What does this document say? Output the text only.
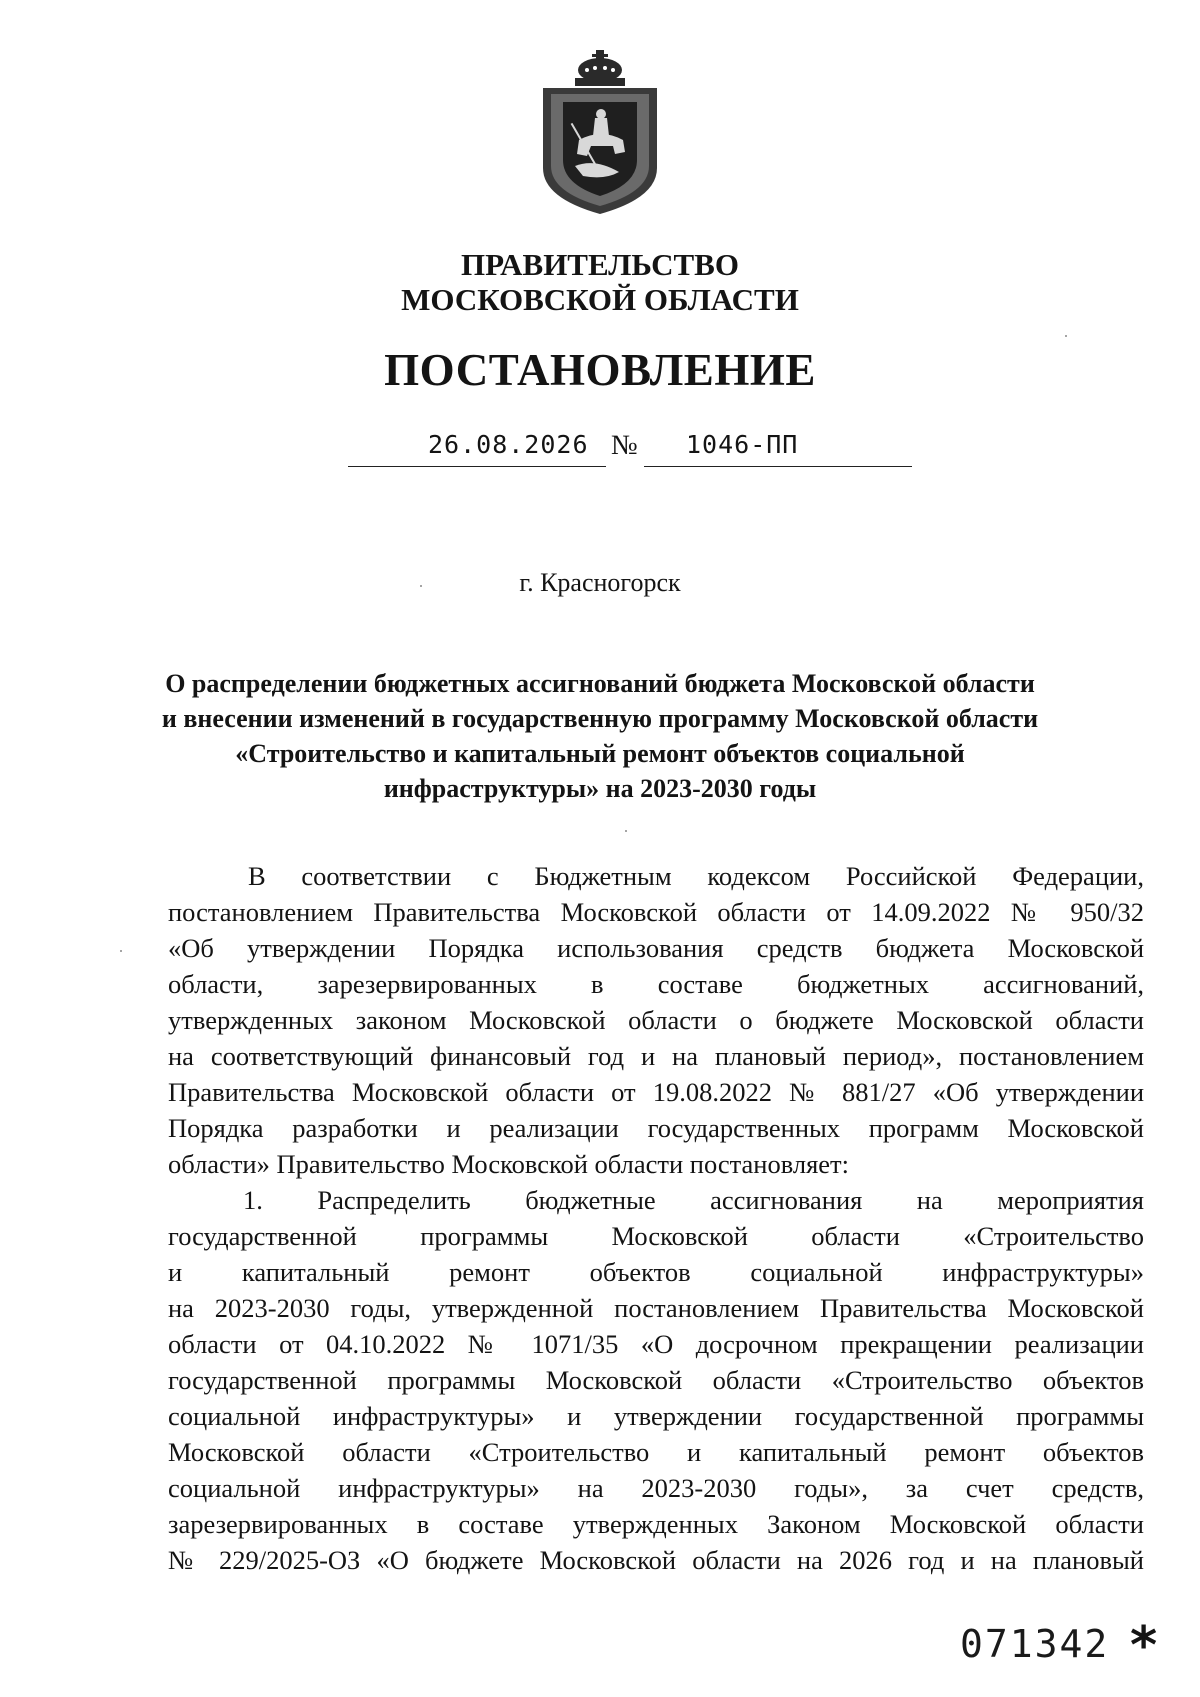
ПРАВИТЕЛЬСТВО
МОСКОВСКОЙ ОБЛАСТИ
ПОСТАНОВЛЕНИЕ
26.08.2026 № 1046-ПП
г. Красногорск
О распределении бюджетных ассигнований бюджета Московской области
и внесении изменений в государственную программу Московской области
«Строительство и капитальный ремонт объектов социальной
инфраструктуры» на 2023-2030 годы
В соответствии с Бюджетным кодексом Российской Федерации,
постановлением Правительства Московской области от 14.09.2022 № 950/32
«Об утверждении Порядка использования средств бюджета Московской
области, зарезервированных в составе бюджетных ассигнований,
утвержденных законом Московской области о бюджете Московской области
на соответствующий финансовый год и на плановый период», постановлением
Правительства Московской области от 19.08.2022 № 881/27 «Об утверждении
Порядка разработки и реализации государственных программ Московской
области» Правительство Московской области постановляет:
1. Распределить бюджетные ассигнования на мероприятия
государственной программы Московской области «Строительство
и капитальный ремонт объектов социальной инфраструктуры»
на 2023-2030 годы, утвержденной постановлением Правительства Московской
области от 04.10.2022 № 1071/35 «О досрочном прекращении реализации
государственной программы Московской области «Строительство объектов
социальной инфраструктуры» и утверждении государственной программы
Московской области «Строительство и капитальный ремонт объектов
социальной инфраструктуры» на 2023-2030 годы», за счет средств,
зарезервированных в составе утвержденных Законом Московской области
№ 229/2025-ОЗ «О бюджете Московской области на 2026 год и на плановый
071342 *
